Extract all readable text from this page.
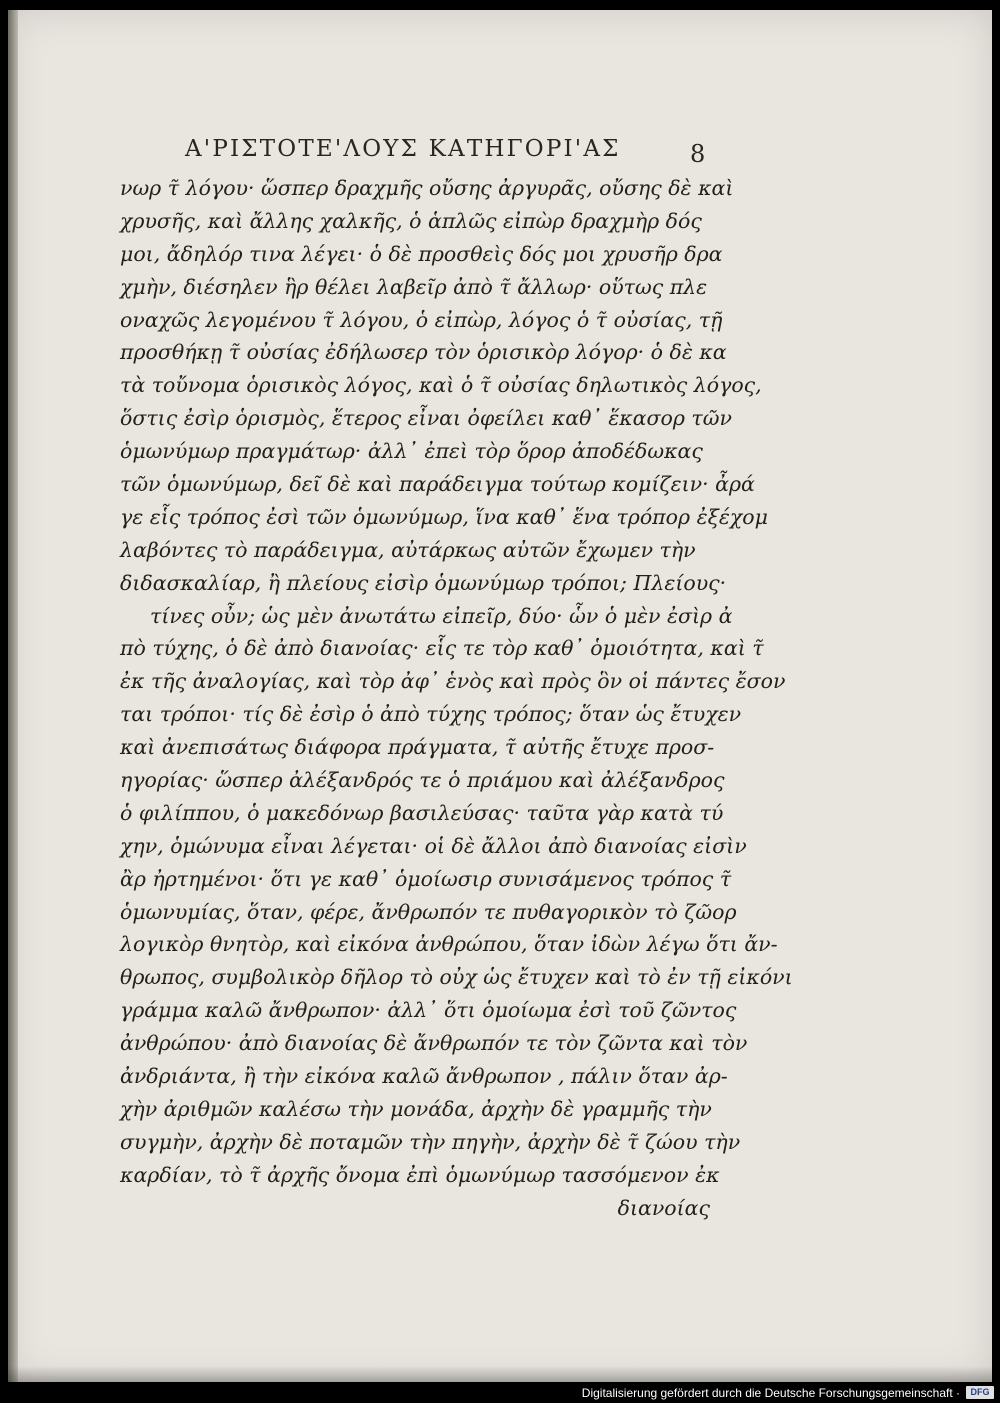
Α'ΡΙΣΤΟΤΕ'ΛΟΥΣ ΚΑΤΗΓΟΡΙ'ΑΣ	8
νωρ τ̃ λόγου· ὥσπερ δραχμῆς οὔσης ἀργυρᾶς, οὔσης δὲ καὶ
χρυσῆς, καὶ ἄλλης χαλκῆς, ὁ ἁπλῶς εἰπὼρ δραχμὴρ δός
μοι, ἄδηλόρ τινα λέγει· ὁ δὲ προσθεὶς δός μοι χρυσῆρ δρα
χμὴν, διέσηλεν ἣρ θέλει λαβεῖρ ἀπὸ τ̃ ἄλλωρ· οὕτως πλε
οναχῶς λεγομένου τ̃ λόγου, ὁ εἰπὼρ, λόγος ὁ τ̃ οὐσίας, τῇ
προσθήκῃ τ̃ οὐσίας ἐδήλωσερ τὸν ὁρισικὸρ λόγορ· ὁ δὲ κα
τὰ τοὔνομα ὁρισικὸς λόγος, καὶ ὁ τ̃ οὐσίας δηλωτικὸς λόγος,
ὅστις ἐσὶρ ὁρισμὸς, ἕτερος εἶναι ὀφείλει καθ᾽ ἕκασορ τῶν
ὁμωνύμωρ πραγμάτωρ· ἀλλ᾽ ἐπεὶ τὸρ ὅρορ ἀποδέδωκας
τῶν ὁμωνύμωρ, δεῖ δὲ καὶ παράδειγμα τούτωρ κομίζειν· ἆρά
γε εἷς τρόπος ἐσὶ τῶν ὁμωνύμωρ, ἵνα καθ᾽ ἕνα τρόπορ ἐξέχομ
λαβόντες τὸ παράδειγμα, αὐτάρκως αὐτῶν ἔχωμεν τὴν
διδασκαλίαρ, ἢ πλείους εἰσὶρ ὁμωνύμωρ τρόποι; Πλείους·
τίνες οὖν; ὡς μὲν ἀνωτάτω εἰπεῖρ, δύο· ὧν ὁ μὲν ἐσὶρ ἀ
πὸ τύχης, ὁ δὲ ἀπὸ διανοίας· εἷς τε τὸρ καθ᾽ ὁμοιότητα, καὶ τ̃
ἐκ τῆς ἀναλογίας, καὶ τὸρ ἀφ᾽ ἑνὸς καὶ πρὸς ὃν οἱ πάντες ἔσον
ται τρόποι· τίς δὲ ἐσὶρ ὁ ἀπὸ τύχης τρόπος; ὅταν ὡς ἔτυχεν
καὶ ἀνεπισάτως διάφορα πράγματα, τ̃ αὐτῆς ἔτυχε προσ-
ηγορίας· ὥσπερ ἀλέξανδρός τε ὁ πριάμου καὶ ἀλέξανδρος
ὁ φιλίππου, ὁ μακεδόνωρ βασιλεύσας· ταῦτα γὰρ κατὰ τύ
χην, ὁμώνυμα εἶναι λέγεται· οἱ δὲ ἄλλοι ἀπὸ διανοίας εἰσὶν
ἂρ ἠρτημένοι· ὅτι γε καθ᾽ ὁμοίωσιρ συνισάμενος τρόπος τ̃
ὁμωνυμίας, ὅταν, φέρε, ἄνθρωπόν τε πυθαγορικὸν τὸ ζῶορ
λογικὸρ θνητὸρ, καὶ εἰκόνα ἀνθρώπου, ὅταν ἰδὼν λέγω ὅτι ἄν-
θρωπος, συμβολικὸρ δῆλορ τὸ οὐχ ὡς ἔτυχεν καὶ τὸ ἐν τῇ εἰκόνι
γράμμα καλῶ ἄνθρωπον· ἀλλ᾽ ὅτι ὁμοίωμα ἐσὶ τοῦ ζῶντος
ἀνθρώπου· ἀπὸ διανοίας δὲ ἄνθρωπόν τε τὸν ζῶντα καὶ τὸν
ἀνδριάντα, ἢ τὴν εἰκόνα καλῶ ἄνθρωπον , πάλιν ὅταν ἀρ-
χὴν ἀριθμῶν καλέσω τὴν μονάδα, ἀρχὴν δὲ γραμμῆς τὴν
συγμὴν, ἀρχὴν δὲ ποταμῶν τὴν πηγὴν, ἀρχὴν δὲ τ̃ ζώου τὴν
καρδίαν, τὸ τ̃ ἀρχῆς ὄνομα ἐπὶ ὁμωνύμωρ τασσόμενον ἐκ
διανοίας
Digitalisierung gefördert durch die Deutsche Forschungsgemeinschaft ·	DFG
